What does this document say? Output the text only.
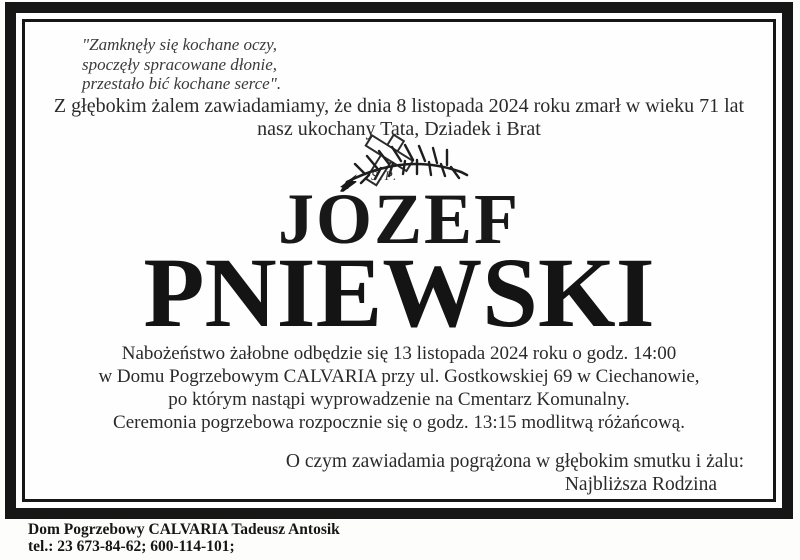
"Zamknęły się kochane oczy,
spoczęły spracowane dłonie,
przestało bić kochane serce".
Z głębokim żalem zawiadamiamy, że dnia 8 listopada 2024 roku zmarł w wieku 71 lat
nasz ukochany Tata, Dziadek i Brat
Ś.P.
JÓZEF
PNIEWSKI
Nabożeństwo żałobne odbędzie się 13 listopada 2024 roku o godz. 14:00
w Domu Pogrzebowym CALVARIA przy ul. Gostkowskiej 69 w Ciechanowie,
po którym nastąpi wyprowadzenie na Cmentarz Komunalny.
Ceremonia pogrzebowa rozpocznie się o godz. 13:15 modlitwą różańcową.
O czym zawiadamia pogrążona w głębokim smutku i żalu:
Najbliższa Rodzina
Dom Pogrzebowy CALVARIA Tadeusz Antosik
tel.: 23 673-84-62; 600-114-101;
